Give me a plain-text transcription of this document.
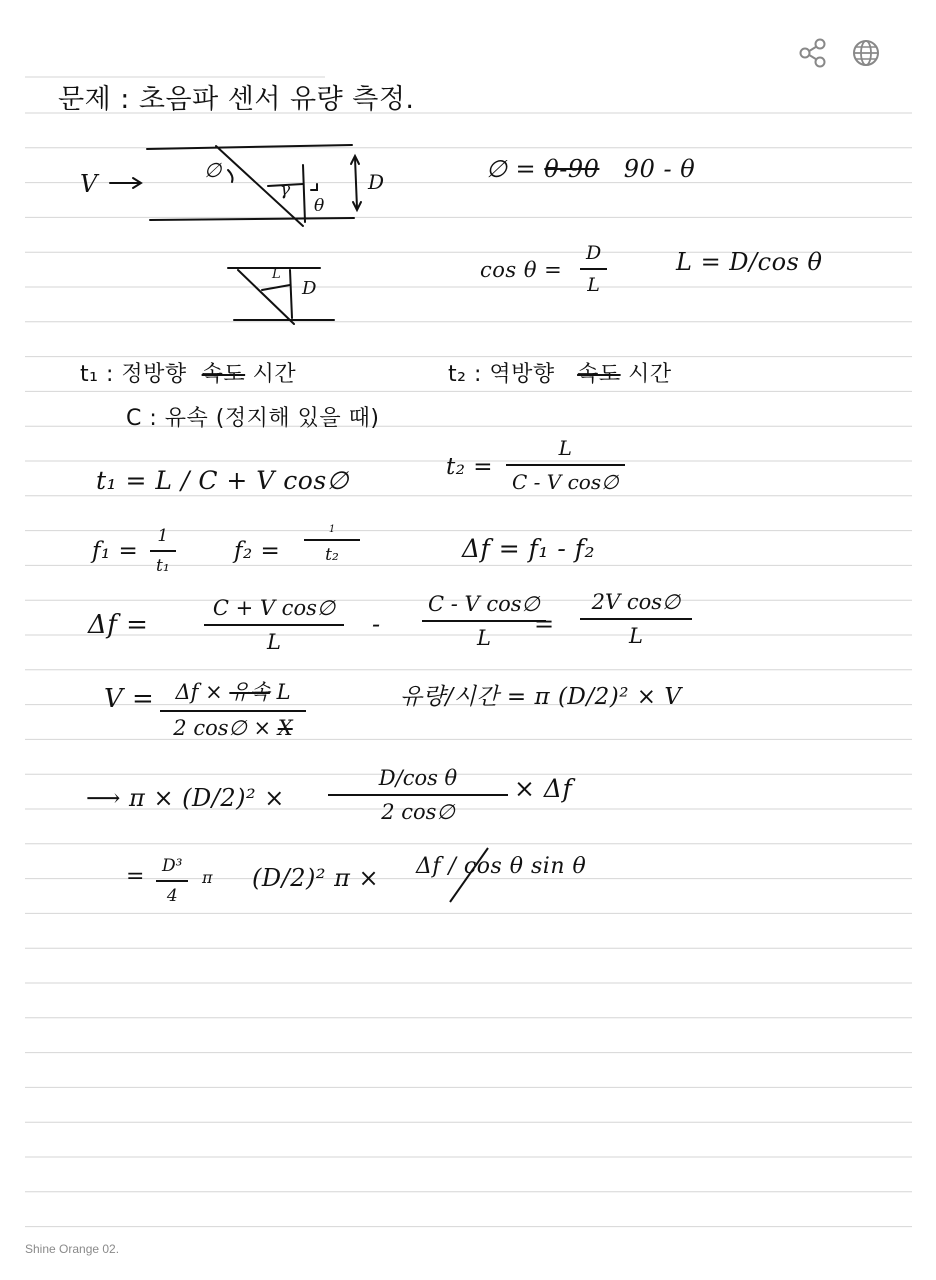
문제 : 초음파 센서 유량 측정.
V	∅
γ
θ
D
L
D
∅ = θ-90 90 - θ
cos θ =
D
L
L = D/cos θ
t₁ : 정방향 속도 시간	t₂ : 역방향 속도 시간
C : 유속 (정지해 있을 때)
t₁ = L / C + V cos∅	t₂ =
L
C - V cos∅
f₁ =
1
t₁
f₂ =
1
t₂	Δf = f₁ - f₂
Δf =
C + V cos∅
L
-
C - V cos∅
L =
2V cos∅
L
V = Δf × 유속 L
2 cos∅ × X
유량/시간 = π (D/2)² × V
⟶ π × (D/2)² ×
D/cos θ
2 cos∅
× Δf
=	D³
4
π (D/2)² π × Δf / cos θ sin θ
Shine Orange 02.
